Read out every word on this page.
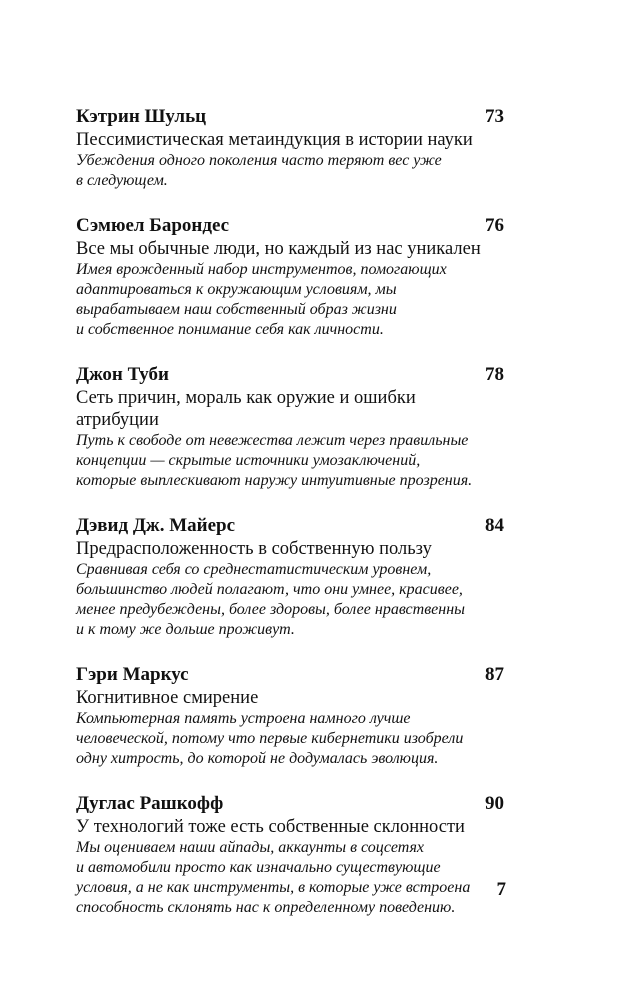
Кэтрин Шульц	73
Пессимистическая метаиндукция в истории науки
Убеждения одного поколения часто теряют вес уже
в следующем.
Сэмюел Барондес	76
Все мы обычные люди, но каждый из нас уникален
Имея врожденный набор инструментов, помогающих
адаптироваться к окружающим условиям, мы
вырабатываем наш собственный образ жизни
и собственное понимание себя как личности.
Джон Туби	78
Сеть причин, мораль как оружие и ошибки атрибуции
Путь к свободе от невежества лежит через правильные
концепции — скрытые источники умозаключений,
которые выплескивают наружу интуитивные прозрения.
Дэвид Дж. Майерс	84
Предрасположенность в собственную пользу
Сравнивая себя со среднестатистическим уровнем,
большинство людей полагают, что они умнее, красивее,
менее предубеждены, более здоровы, более нравственны
и к тому же дольше проживут.
Гэри Маркус	87
Когнитивное смирение
Компьютерная память устроена намного лучше
человеческой, потому что первые кибернетики изобрели
одну хитрость, до которой не додумалась эволюция.
Дуглас Рашкофф	90
У технологий тоже есть собственные склонности
Мы оцениваем наши айпады, аккаунты в соцсетях
и автомобили просто как изначально существующие
условия, а не как инструменты, в которые уже встроена
способность склонять нас к определенному поведению.
7
